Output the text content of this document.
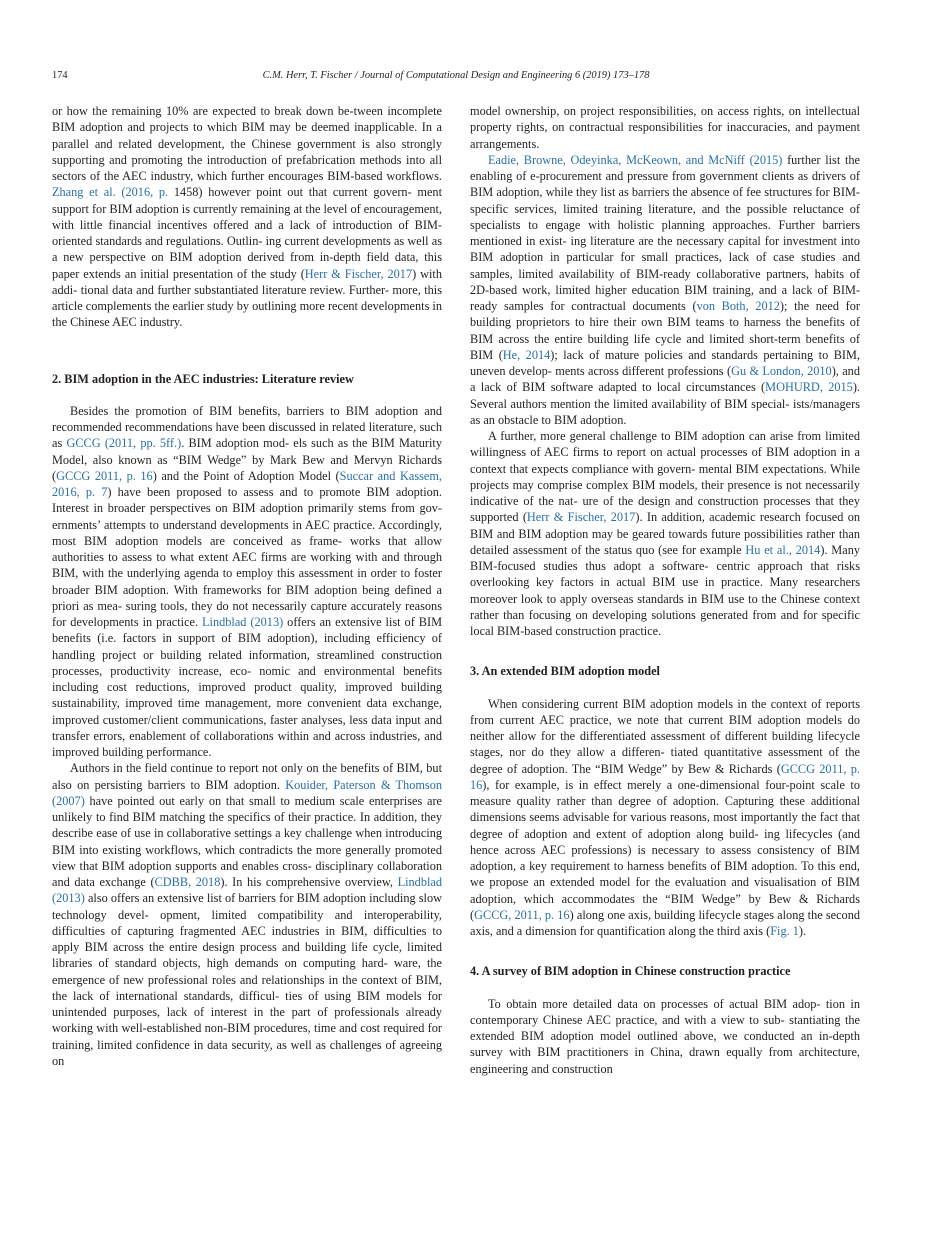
174	C.M. Herr, T. Fischer / Journal of Computational Design and Engineering 6 (2019) 173–178

or how the remaining 10% are expected to break down be-tween incomplete BIM adoption and projects to which BIM may be deemed inapplicable. In a parallel and related development, the Chinese government is also strongly supporting and promoting the introduction of prefabrication methods into all sectors of the AEC industry, which further encourages BIM-based workflows. Zhang et al. (2016, p. 1458) however point out that current govern- ment support for BIM adoption is currently remaining at the level of encouragement, with little financial incentives offered and a lack of introduction of BIM-oriented standards and regulations. Outlin- ing current developments as well as a new perspective on BIM adoption derived from in-depth field data, this paper extends an initial presentation of the study (Herr & Fischer, 2017) with addi- tional data and further substantiated literature review. Further- more, this article complements the earlier study by outlining more recent developments in the Chinese AEC industry.

2. BIM adoption in the AEC industries: Literature review

Besides the promotion of BIM benefits, barriers to BIM adoption and recommended recommendations have been discussed in related literature, such as GCCG (2011, pp. 5ff.). BIM adoption mod- els such as the BIM Maturity Model, also known as “BIM Wedge” by Mark Bew and Mervyn Richards (GCCG 2011, p. 16) and the Point of Adoption Model (Succar and Kassem, 2016, p. 7) have been proposed to assess and to promote BIM adoption. Interest in broader perspectives on BIM adoption primarily stems from gov- ernments’ attempts to understand developments in AEC practice. Accordingly, most BIM adoption models are conceived as frame- works that allow authorities to assess to what extent AEC firms are working with and through BIM, with the underlying agenda to employ this assessment in order to foster broader BIM adoption. With frameworks for BIM adoption being defined a priori as mea- suring tools, they do not necessarily capture accurately reasons for developments in practice. Lindblad (2013) offers an extensive list of BIM benefits (i.e. factors in support of BIM adoption), including efficiency of handling project or building related information, streamlined construction processes, productivity increase, eco- nomic and environmental benefits including cost reductions, improved product quality, improved building sustainability, improved time management, more convenient data exchange, improved customer/client communications, faster analyses, less data input and transfer errors, enablement of collaborations within and across industries, and improved building performance.

Authors in the field continue to report not only on the benefits of BIM, but also on persisting barriers to BIM adoption. Kouider, Paterson & Thomson (2007) have pointed out early on that small to medium scale enterprises are unlikely to find BIM matching the specifics of their practice. In addition, they describe ease of use in collaborative settings a key challenge when introducing BIM into existing workflows, which contradicts the more generally promoted view that BIM adoption supports and enables cross- disciplinary collaboration and data exchange (CDBB, 2018). In his comprehensive overview, Lindblad (2013) also offers an extensive list of barriers for BIM adoption including slow technology devel- opment, limited compatibility and interoperability, difficulties of capturing fragmented AEC industries in BIM, difficulties to apply BIM across the entire design process and building life cycle, limited libraries of standard objects, high demands on computing hard- ware, the emergence of new professional roles and relationships in the context of BIM, the lack of international standards, difficul- ties of using BIM models for unintended purposes, lack of interest in the part of professionals already working with well-established non-BIM procedures, time and cost required for training, limited confidence in data security, as well as challenges of agreeing on

model ownership, on project responsibilities, on access rights, on intellectual property rights, on contractual responsibilities for inaccuracies, and payment arrangements.

Eadie, Browne, Odeyinka, McKeown, and McNiff (2015) further list the enabling of e-procurement and pressure from government clients as drivers of BIM adoption, while they list as barriers the absence of fee structures for BIM-specific services, limited training literature, and the possible reluctance of specialists to engage with holistic planning approaches. Further barriers mentioned in exist- ing literature are the necessary capital for investment into BIM adoption in particular for small practices, lack of case studies and samples, limited availability of BIM-ready collaborative partners, habits of 2D-based work, limited higher education BIM training, and a lack of BIM-ready samples for contractual documents (von Both, 2012); the need for building proprietors to hire their own BIM teams to harness the benefits of BIM across the entire building life cycle and limited short-term benefits of BIM (He, 2014); lack of mature policies and standards pertaining to BIM, uneven develop- ments across different professions (Gu & London, 2010), and a lack of BIM software adapted to local circumstances (MOHURD, 2015). Several authors mention the limited availability of BIM special- ists/managers as an obstacle to BIM adoption.

A further, more general challenge to BIM adoption can arise from limited willingness of AEC firms to report on actual processes of BIM adoption in a context that expects compliance with govern- mental BIM expectations. While projects may comprise complex BIM models, their presence is not necessarily indicative of the nat- ure of the design and construction processes that they supported (Herr & Fischer, 2017). In addition, academic research focused on BIM and BIM adoption may be geared towards future possibilities rather than detailed assessment of the status quo (see for example Hu et al., 2014). Many BIM-focused studies thus adopt a software- centric approach that risks overlooking key factors in actual BIM use in practice. Many researchers moreover look to apply overseas standards in BIM use to the Chinese context rather than focusing on developing solutions generated from and for specific local BIM-based construction practice.

3. An extended BIM adoption model

When considering current BIM adoption models in the context of reports from current AEC practice, we note that current BIM adoption models do neither allow for the differentiated assessment of different building lifecycle stages, nor do they allow a differen- tiated quantitative assessment of the degree of adoption. The “BIM Wedge” by Bew & Richards (GCCG 2011, p. 16), for example, is in effect merely a one-dimensional four-point scale to measure quality rather than degree of adoption. Capturing these additional dimensions seems advisable for various reasons, most importantly the fact that degree of adoption and extent of adoption along build- ing lifecycles (and hence across AEC professions) is necessary to assess consistency of BIM adoption, a key requirement to harness benefits of BIM adoption. To this end, we propose an extended model for the evaluation and visualisation of BIM adoption, which accommodates the “BIM Wedge” by Bew & Richards (GCCG, 2011, p. 16) along one axis, building lifecycle stages along the second axis, and a dimension for quantification along the third axis (Fig. 1).

4. A survey of BIM adoption in Chinese construction practice

To obtain more detailed data on processes of actual BIM adop- tion in contemporary Chinese AEC practice, and with a view to sub- stantiating the extended BIM adoption model outlined above, we conducted an in-depth survey with BIM practitioners in China, drawn equally from architecture, engineering and construction
